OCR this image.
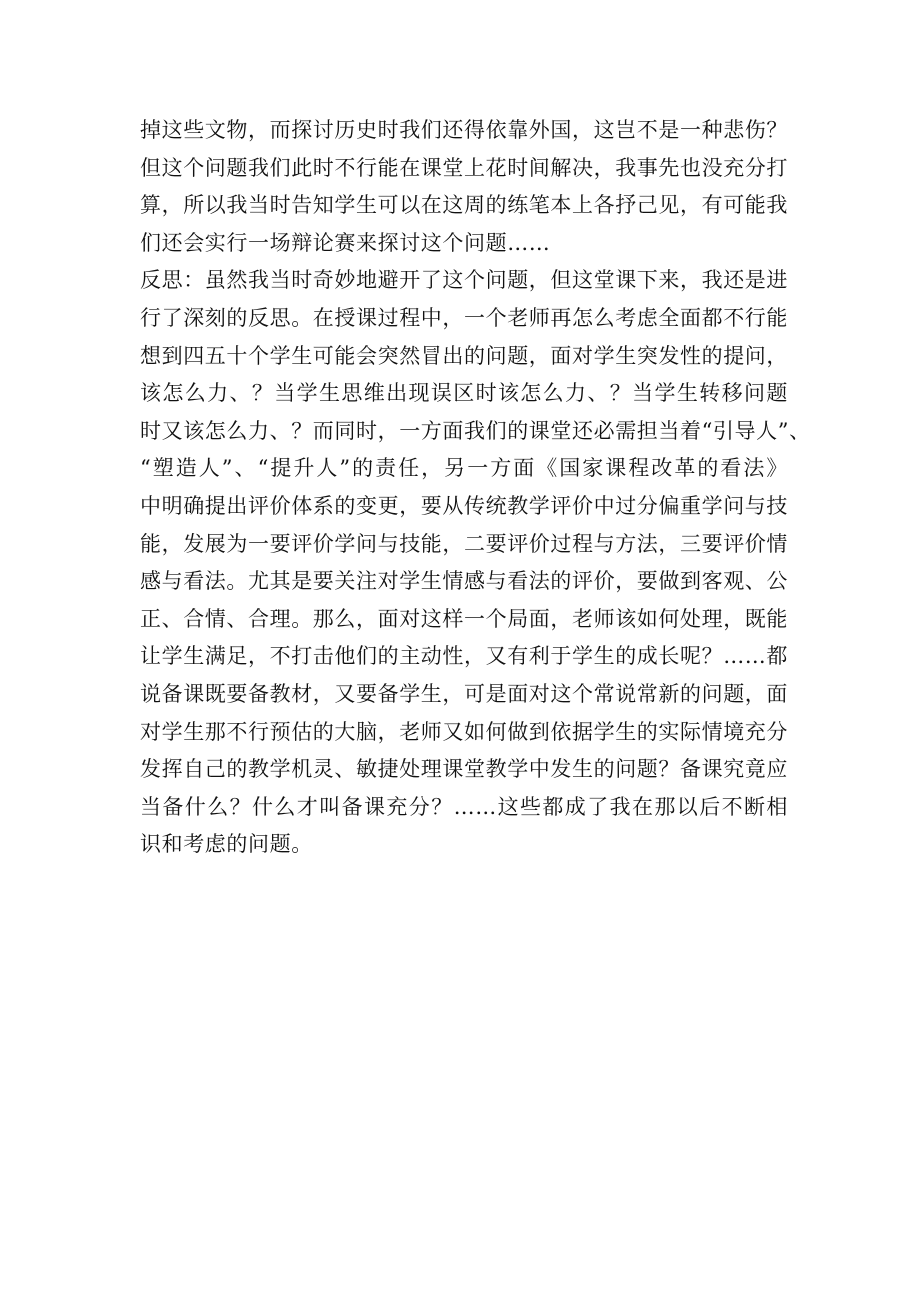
掉这些文物，而探讨历史时我们还得依靠外国，这岂不是一种悲伤？
但这个问题我们此时不行能在课堂上花时间解决，我事先也没充分打
算，所以我当时告知学生可以在这周的练笔本上各抒己见，有可能我
们还会实行一场辩论赛来探讨这个问题……
反思：虽然我当时奇妙地避开了这个问题，但这堂课下来，我还是进
行了深刻的反思。在授课过程中，一个老师再怎么考虑全面都不行能
想到四五十个学生可能会突然冒出的问题，面对学生突发性的提问，
该怎么力、？当学生思维出现误区时该怎么力、？当学生转移问题
时又该怎么力、？而同时，一方面我们的课堂还必需担当着“引导人”、
“塑造人”、“提升人”的责任，另一方面《国家课程改革的看法》
中明确提出评价体系的变更，要从传统教学评价中过分偏重学问与技
能，发展为一要评价学问与技能，二要评价过程与方法，三要评价情
感与看法。尤其是要关注对学生情感与看法的评价，要做到客观、公
正、合情、合理。那么，面对这样一个局面，老师该如何处理，既能
让学生满足，不打击他们的主动性，又有利于学生的成长呢？……都
说备课既要备教材，又要备学生，可是面对这个常说常新的问题，面
对学生那不行预估的大脑，老师又如何做到依据学生的实际情境充分
发挥自己的教学机灵、敏捷处理课堂教学中发生的问题？备课究竟应
当备什么？什么才叫备课充分？……这些都成了我在那以后不断相
识和考虑的问题。
